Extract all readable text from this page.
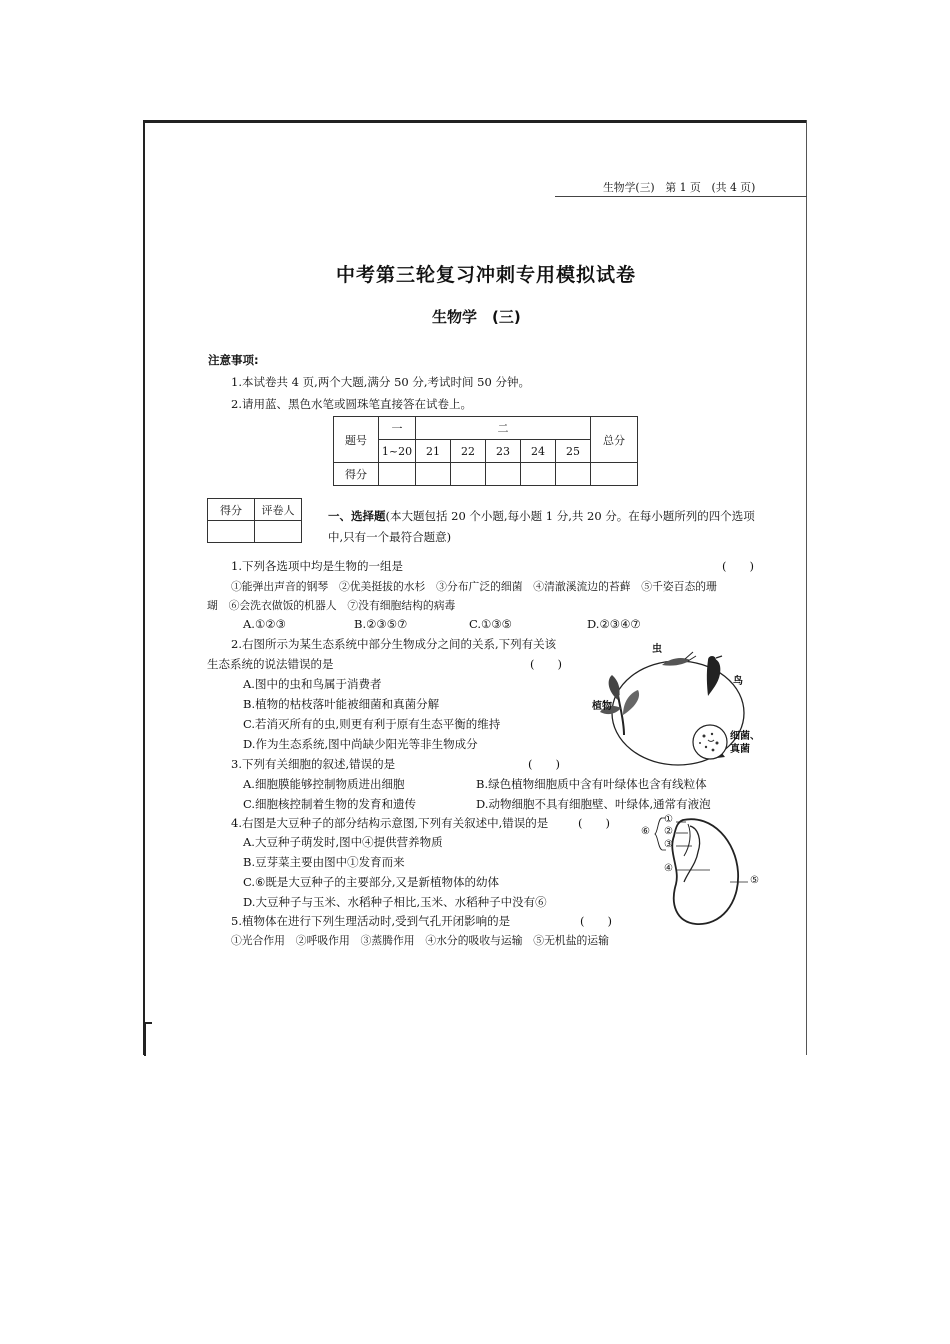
生物学(三)　第 1 页　(共 4 页)
中考第三轮复习冲刺专用模拟试卷
生物学　(三)
注意事项:
1.本试卷共 4 页,两个大题,满分 50 分,考试时间 50 分钟。
2.请用蓝、黑色水笔或圆珠笔直接答在试卷上。
题号	一	二					总分
	1~20	21	22	23	24	25	
得分							
得分	评卷人
		一、选择题(本大题包括 20 个小题,每小题 1 分,共 20 分。在每小题所列的四个选项
中,只有一个最符合题意)
1.下列各选项中均是生物的一组是	(　　)
①能弹出声音的钢琴　②优美挺拔的水杉　③分布广泛的细菌　④清澈溪流边的苔藓　⑤千姿百态的珊
瑚　⑥会洗衣做饭的机器人　⑦没有细胞结构的病毒
A.①②③	B.②③⑤⑦	C.①③⑤	D.②③④⑦
2.右图所示为某生态系统中部分生物成分之间的关系,下列有关该
生态系统的说法错误的是	(　　)
A.图中的虫和鸟属于消费者
B.植物的枯枝落叶能被细菌和真菌分解
C.若消灭所有的虫,则更有利于原有生态平衡的维持
D.作为生态系统,图中尚缺少阳光等非生物成分
虫
鸟
植物
细菌、
真菌
3.下列有关细胞的叙述,错误的是	(　　)
A.细胞膜能够控制物质进出细胞	B.绿色植物细胞质中含有叶绿体也含有线粒体
C.细胞核控制着生物的发育和遗传	D.动物细胞不具有细胞壁、叶绿体,通常有液泡
4.右图是大豆种子的部分结构示意图,下列有关叙述中,错误的是	(　　)
A.大豆种子萌发时,图中④提供营养物质
B.豆芽菜主要由图中①发育而来
C.⑥既是大豆种子的主要部分,又是新植物体的幼体
D.大豆种子与玉米、水稻种子相比,玉米、水稻种子中没有⑥
①
②
③
④
⑤
⑥
5.植物体在进行下列生理活动时,受到气孔开闭影响的是	(　　)
①光合作用　②呼吸作用　③蒸腾作用　④水分的吸收与运输　⑤无机盐的运输
